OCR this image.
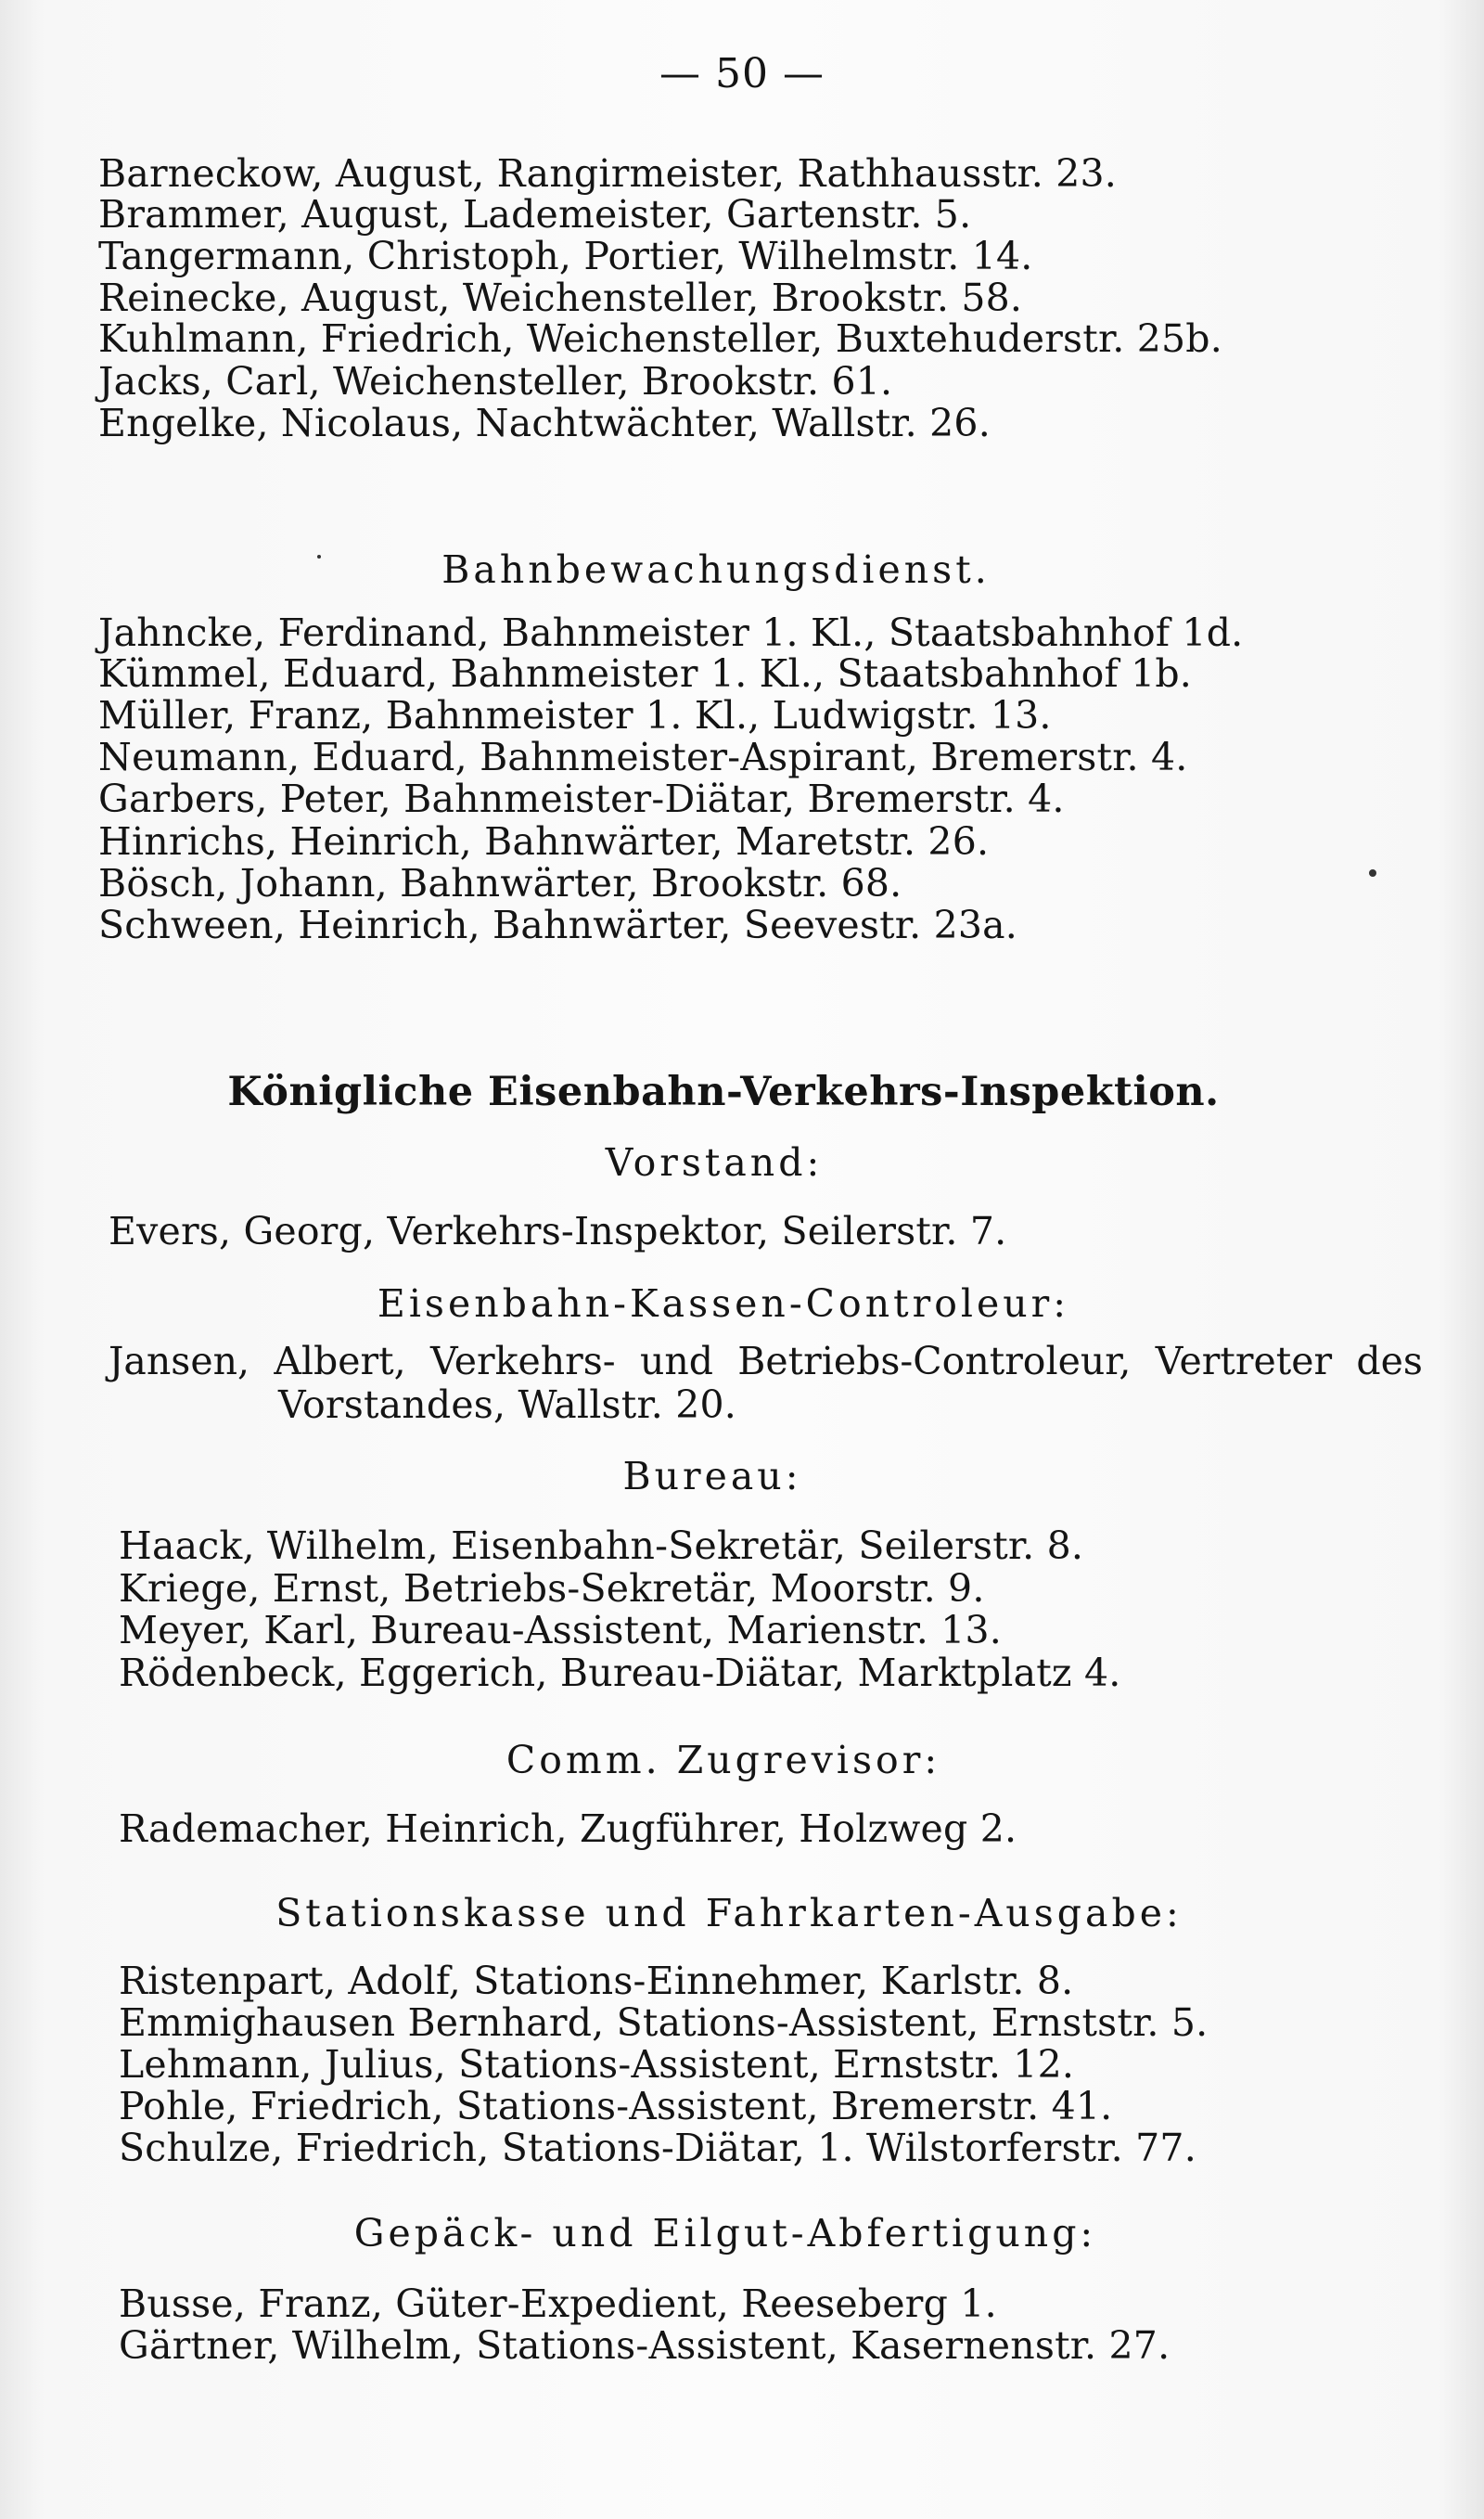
— 50 —
Barneckow, August, Rangirmeister, Rathhausstr. 23.
Brammer, August, Lademeister, Gartenstr. 5.
Tangermann, Christoph, Portier, Wilhelmstr. 14.
Reinecke, August, Weichensteller, Brookstr. 58.
Kuhlmann, Friedrich, Weichensteller, Buxtehuderstr. 25b.
Jacks, Carl, Weichensteller, Brookstr. 61.
Engelke, Nicolaus, Nachtwächter, Wallstr. 26.
Bahnbewachungsdienst.
Jahncke, Ferdinand, Bahnmeister 1. Kl., Staatsbahnhof 1d.
Kümmel, Eduard, Bahnmeister 1. Kl., Staatsbahnhof 1b.
Müller, Franz, Bahnmeister 1. Kl., Ludwigstr. 13.
Neumann, Eduard, Bahnmeister-Aspirant, Bremerstr. 4.
Garbers, Peter, Bahnmeister-Diätar, Bremerstr. 4.
Hinrichs, Heinrich, Bahnwärter, Maretstr. 26.
Bösch, Johann, Bahnwärter, Brookstr. 68.
Schween, Heinrich, Bahnwärter, Seevestr. 23a.
Königliche Eisenbahn-Verkehrs-Inspektion.
Vorstand:
Evers, Georg, Verkehrs-Inspektor, Seilerstr. 7.
Eisenbahn-Kassen-Controleur:
Jansen, Albert, Verkehrs- und Betriebs-Controleur, Vertreter des
Vorstandes, Wallstr. 20.
Bureau:
Haack, Wilhelm, Eisenbahn-Sekretär, Seilerstr. 8.
Kriege, Ernst, Betriebs-Sekretär, Moorstr. 9.
Meyer, Karl, Bureau-Assistent, Marienstr. 13.
Rödenbeck, Eggerich, Bureau-Diätar, Marktplatz 4.
Comm. Zugrevisor:
Rademacher, Heinrich, Zugführer, Holzweg 2.
Stationskasse und Fahrkarten-Ausgabe:
Ristenpart, Adolf, Stations-Einnehmer, Karlstr. 8.
Emmighausen Bernhard, Stations-Assistent, Ernststr. 5.
Lehmann, Julius, Stations-Assistent, Ernststr. 12.
Pohle, Friedrich, Stations-Assistent, Bremerstr. 41.
Schulze, Friedrich, Stations-Diätar, 1. Wilstorferstr. 77.
Gepäck- und Eilgut-Abfertigung:
Busse, Franz, Güter-Expedient, Reeseberg 1.
Gärtner, Wilhelm, Stations-Assistent, Kasernenstr. 27.
